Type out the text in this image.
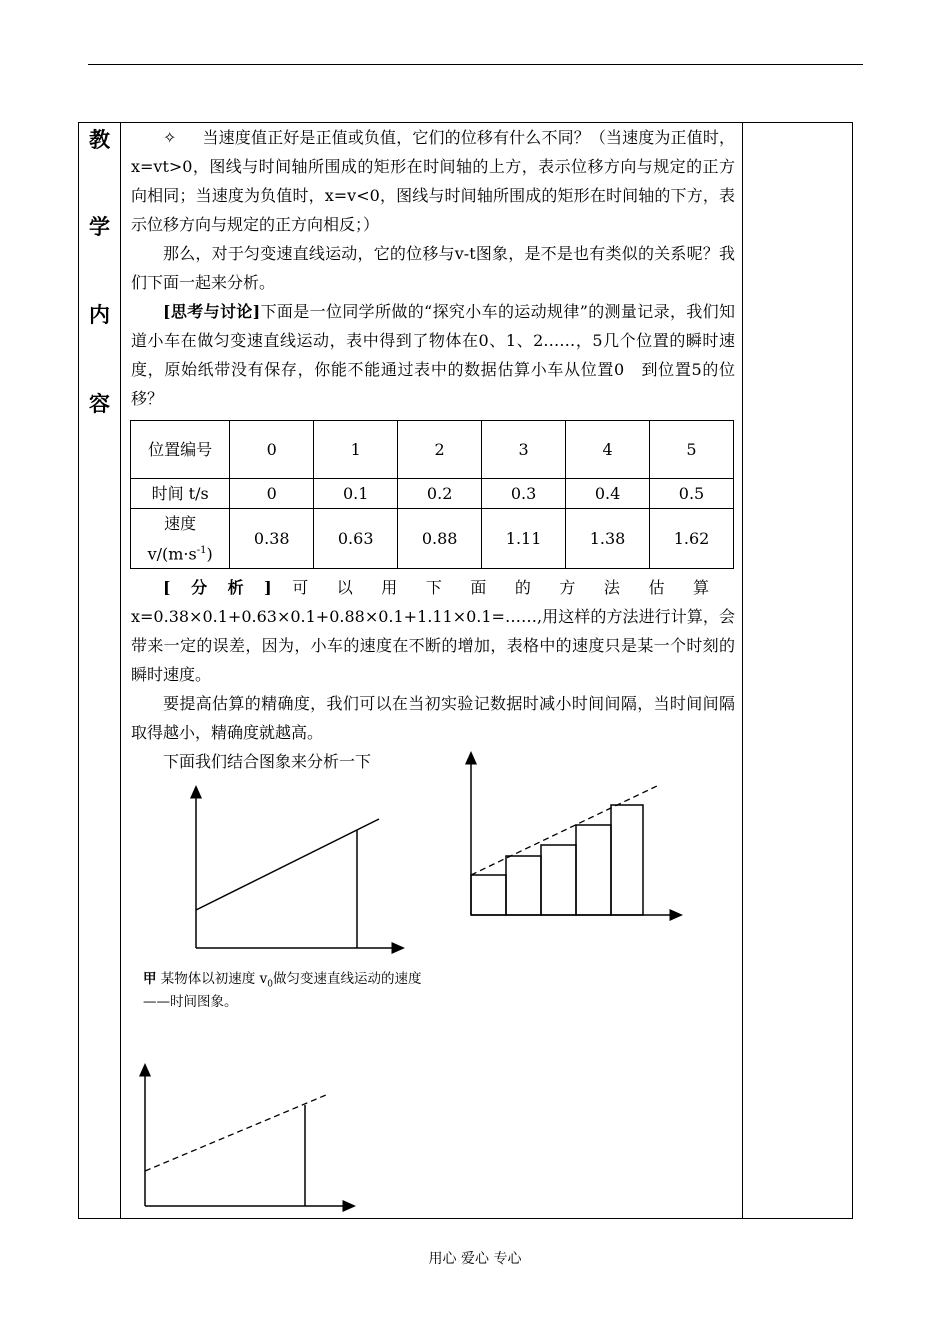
教
学
内
容

✧ 当速度值正好是正值或负值，它们的位移有什么不同？（当速度为正值时，x=vt>0，图线与时间轴所围成的矩形在时间轴的上方，表示位移方向与规定的正方向相同；当速度为负值时，x=v<0，图线与时间轴所围成的矩形在时间轴的下方，表示位移方向与规定的正方向相反；）

那么，对于匀变速直线运动，它的位移与v-t图象，是不是也有类似的关系呢？我们下面一起来分析。

[思考与讨论]下面是一位同学所做的“探究小车的运动规律”的测量记录，我们知道小车在做匀变速直线运动，表中得到了物体在0、1、2……，5几个位置的瞬时速度，原始纸带没有保存，你能不能通过表中的数据估算小车从位置0　到位置5的位移？

位置编号	0	1	2	3	4	5
时间 t/s	0	0.1	0.2	0.3	0.4	0.5

速度
$v/(m\cdot s^{-1})$	0.38	0.63	0.88	1.11	1.38	1.62
[分析]可以用下面的方法估算

x=0.38×0.1+0.63×0.1+0.88×0.1+1.11×0.1=……,用这样的方法进行计算，会带来一定的误差，因为，小车的速度在不断的增加，表格中的速度只是某一个时刻的瞬时速度。

要提高估算的精确度，我们可以在当初实验记数据时减小时间间隔，当时间间隔取得越小，精确度就越高。

下面我们结合图象来分析一下

甲 某物体以初速度 $v_0$做匀变速直线运动的速度——时间图象。
用心 爱心 专心
